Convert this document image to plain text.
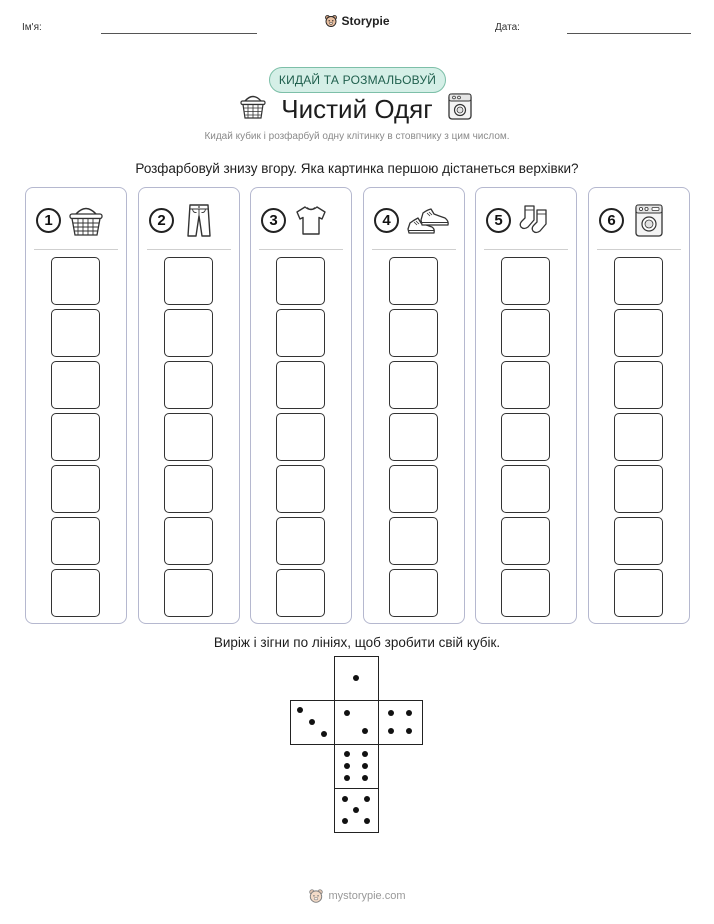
Ім'я:	Storypie	Дата:
КИДАЙ ТА РОЗМАЛЬОВУЙ
Чистий Одяг
Кидай кубик і розфарбуй одну клітинку в стовпчику з цим числом.
Розфарбовуй знизу вгору. Яка картинка першою дістанеться верхівки?
1	2	3	4	5	6
Виріж і зігни по лініях, щоб зробити свій кубік.
mystorypie.com
